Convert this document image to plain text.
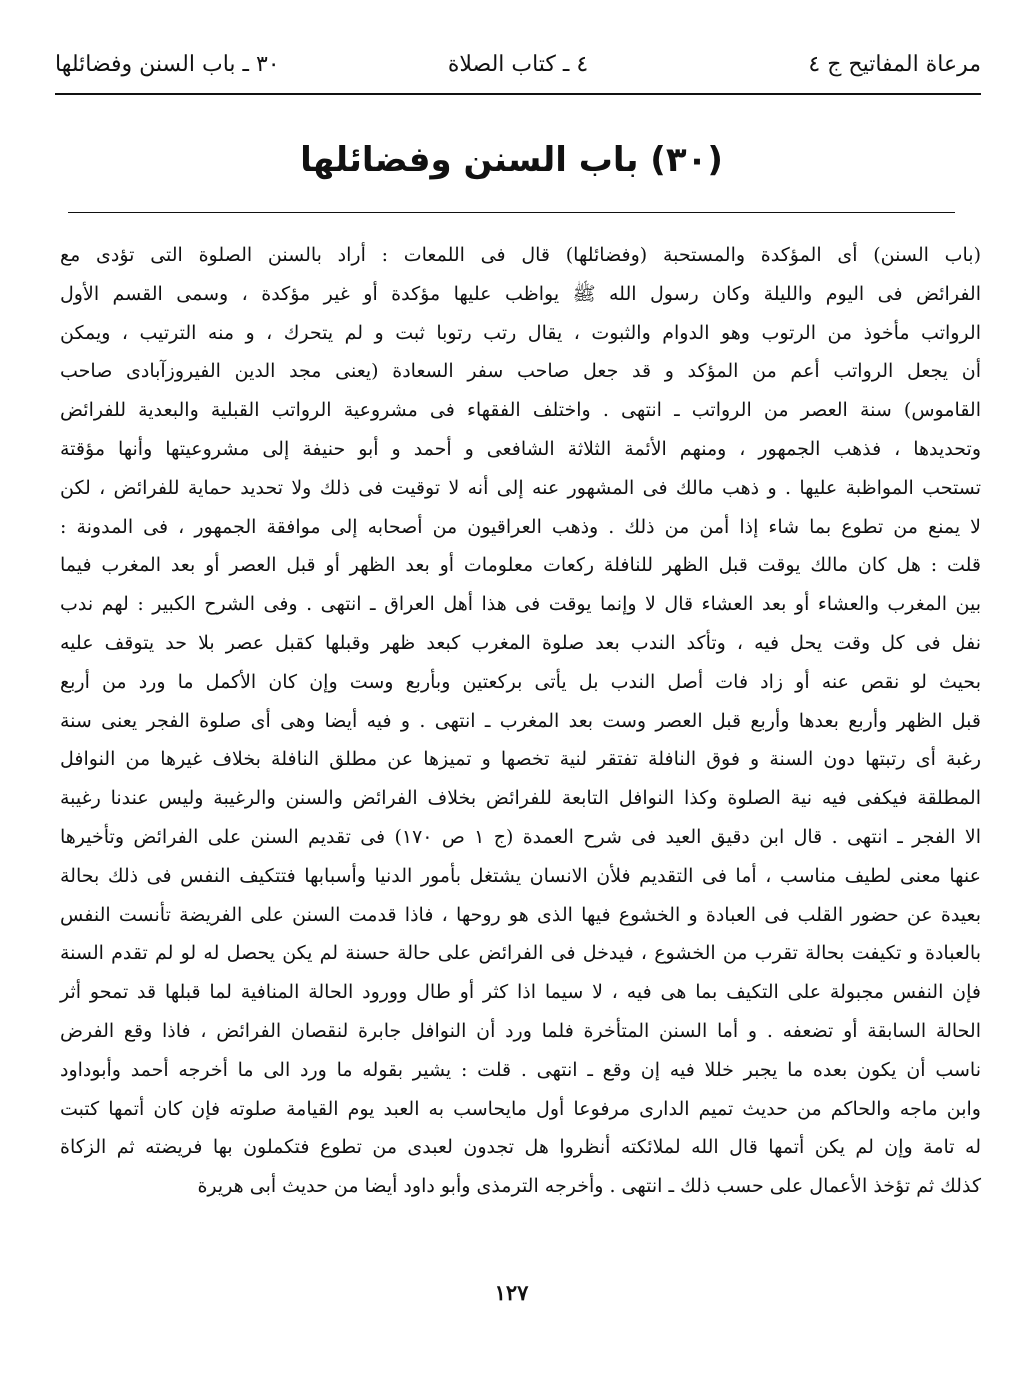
مرعاة المفاتيح ج ٤
٤ ـ كتاب الصلاة
٣٠ ـ باب السنن وفضائلها
(٣٠) باب السنن وفضائلها

(باب السنن) أى المؤكدة والمستحبة (وفضائلها) قال فى اللمعات : أراد بالسنن الصلوة التى تؤدى مع

الفرائض فى اليوم والليلة وكان رسول الله ﷺ يواظب عليها مؤكدة أو غير مؤكدة ، وسمى القسم الأول

الرواتب مأخوذ من الرتوب وهو الدوام والثبوت ، يقال رتب رتوبا ثبت و لم يتحرك ، و منه الترتيب ، ويمكن

أن يجعل الرواتب أعم من المؤكد و قد جعل صاحب سفر السعادة (يعنى مجد الدين الفيروزآبادى صاحب

القاموس) سنة العصر من الرواتب ـ انتهى . واختلف الفقهاء فى مشروعية الرواتب القبلية والبعدية للفرائض

وتحديدها ، فذهب الجمهور ، ومنهم الأئمة الثلاثة الشافعى و أحمد و أبو حنيفة إلى مشروعيتها وأنها مؤقتة

تستحب المواظبة عليها . و ذهب مالك فى المشهور عنه إلى أنه لا توقيت فى ذلك ولا تحديد حماية للفرائض ، لكن

لا يمنع من تطوع بما شاء إذا أمن من ذلك . وذهب العراقيون من أصحابه إلى موافقة الجمهور ، فى المدونة :

قلت : هل كان مالك يوقت قبل الظهر للنافلة ركعات معلومات أو بعد الظهر أو قبل العصر أو بعد المغرب فيما

بين المغرب والعشاء أو بعد العشاء قال لا وإنما يوقت فى هذا أهل العراق ـ انتهى . وفى الشرح الكبير : لهم ندب

نفل فى كل وقت يحل فيه ، وتأكد الندب بعد صلوة المغرب كبعد ظهر وقبلها كقبل عصر بلا حد يتوقف عليه

بحيث لو نقص عنه أو زاد فات أصل الندب بل يأتى بركعتين وبأربع وست وإن كان الأكمل ما ورد من أربع

قبل الظهر وأربع بعدها وأربع قبل العصر وست بعد المغرب ـ انتهى . و فيه أيضا وهى أى صلوة الفجر يعنى سنة

رغبة أى رتبتها دون السنة و فوق النافلة تفتقر لنية تخصها و تميزها عن مطلق النافلة بخلاف غيرها من النوافل

المطلقة فيكفى فيه نية الصلوة وكذا النوافل التابعة للفرائض بخلاف الفرائض والسنن والرغيبة وليس عندنا رغيبة

الا الفجر ـ انتهى . قال ابن دقيق العيد فى شرح العمدة (ج ١ ص ١٧٠) فى تقديم السنن على الفرائض وتأخيرها

عنها معنى لطيف مناسب ، أما فى التقديم فلأن الانسان يشتغل بأمور الدنيا وأسبابها فتتكيف النفس فى ذلك بحالة

بعيدة عن حضور القلب فى العبادة و الخشوع فيها الذى هو روحها ، فاذا قدمت السنن على الفريضة تأنست النفس

بالعبادة و تكيفت بحالة تقرب من الخشوع ، فيدخل فى الفرائض على حالة حسنة لم يكن يحصل له لو لم تقدم السنة

فإن النفس مجبولة على التكيف بما هى فيه ، لا سيما اذا كثر أو طال وورود الحالة المنافية لما قبلها قد تمحو أثر

الحالة السابقة أو تضعفه . و أما السنن المتأخرة فلما ورد أن النوافل جابرة لنقصان الفرائض ، فاذا وقع الفرض

ناسب أن يكون بعده ما يجبر خللا فيه إن وقع ـ انتهى . قلت : يشير بقوله ما ورد الى ما أخرجه أحمد وأبوداود

وابن ماجه والحاكم من حديث تميم الدارى مرفوعا أول مايحاسب به العبد يوم القيامة صلوته فإن كان أتمها كتبت

له تامة وإن لم يكن أتمها قال الله لملائكته أنظروا هل تجدون لعبدى من تطوع فتكملون بها فريضته ثم الزكاة

كذلك ثم تؤخذ الأعمال على حسب ذلك ـ انتهى . وأخرجه الترمذى وأبو داود أيضا من حديث أبى هريرة

١٢٧
